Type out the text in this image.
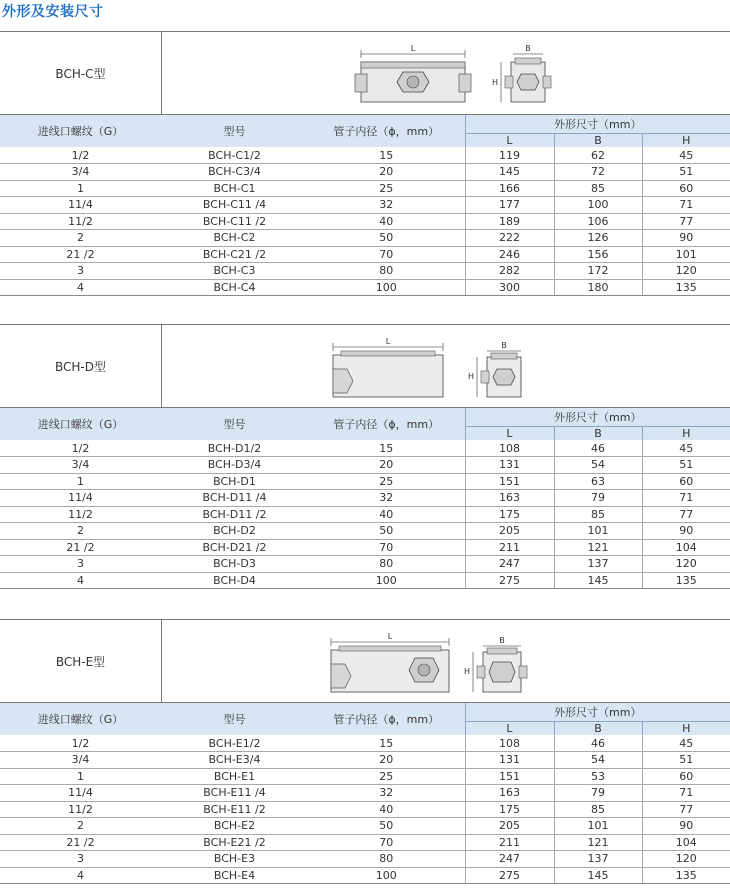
外形及安装尺寸
BCH-C型
L	B
H
进线口螺纹（G）	型号	管子内径（ϕ，mm）	外形尺寸（mm）		
			L	B	H
1/2	BCH-C1/2	15	119	62	45
3/4	BCH-C3/4	20	145	72	51
1	BCH-C1	25	166	85	60
11/4	BCH-C11 /4	32	177	100	71
11/2	BCH-C11 /2	40	189	106	77
2	BCH-C2	50	222	126	90
21 /2	BCH-C21 /2	70	246	156	101
3	BCH-C3	80	282	172	120
4	BCH-C4	100	300	180	135
BCH-D型
L	B
H
进线口螺纹（G）	型号	管子内径（ϕ，mm）	外形尺寸（mm）		
			L	B	H
1/2	BCH-D1/2	15	108	46	45
3/4	BCH-D3/4	20	131	54	51
1	BCH-D1	25	151	63	60
11/4	BCH-D11 /4	32	163	79	71
11/2	BCH-D11 /2	40	175	85	77
2	BCH-D2	50	205	101	90
21 /2	BCH-D21 /2	70	211	121	104
3	BCH-D3	80	247	137	120
4	BCH-D4	100	275	145	135
BCH-E型
L	B
H
进线口螺纹（G）	型号	管子内径（ϕ，mm）	外形尺寸（mm）		
			L	B	H
1/2	BCH-E1/2	15	108	46	45
3/4	BCH-E3/4	20	131	54	51
1	BCH-E1	25	151	53	60
11/4	BCH-E11 /4	32	163	79	71
11/2	BCH-E11 /2	40	175	85	77
2	BCH-E2	50	205	101	90
21 /2	BCH-E21 /2	70	211	121	104
3	BCH-E3	80	247	137	120
4	BCH-E4	100	275	145	135
